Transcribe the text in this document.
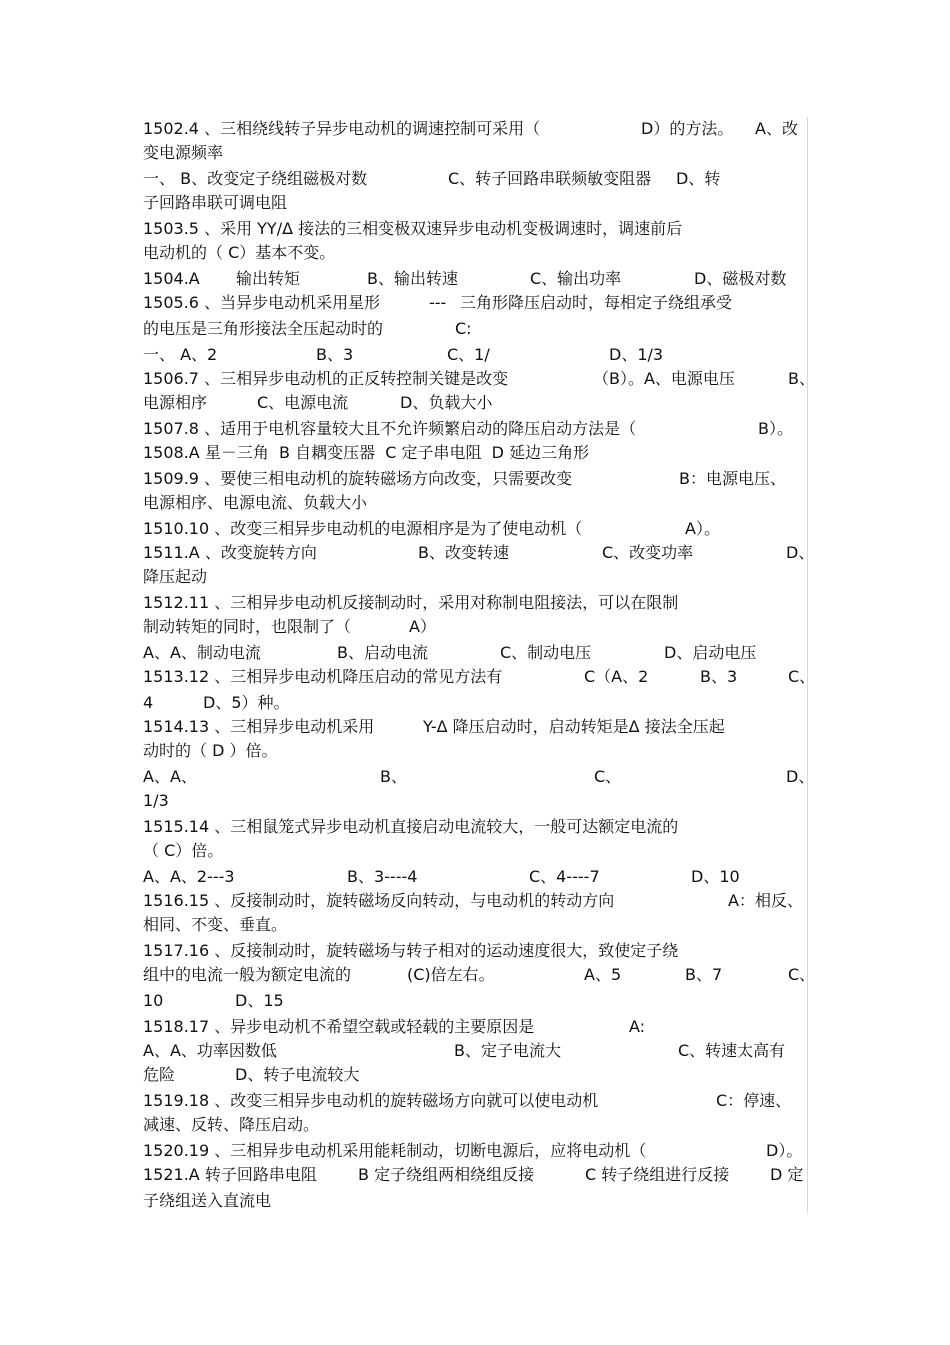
1502.4 、三相绕线转子异步电动机的调速控制可采用（	D）的方法。 A、改
变电源频率
一、 B、改变定子绕组磁极对数	C、转子回路串联频敏变阻器 D、转
子回路串联可调电阻
1503.5 、采用 YY/Δ 接法的三相变极双速异步电动机变极调速时，调速前后
电动机的（ C）基本不变。
1504.A 输出转矩	B、输出转速	C、输出功率	D、磁极对数
1505.6 、当异步电动机采用星形	--- 三角形降压启动时，每相定子绕组承受
的电压是三角形接法全压起动时的	C:
一、 A、2	B、3	C、1/	D、1/3
1506.7 、三相异步电动机的正反转控制关键是改变	（B）。A、电源电压	B、
电源相序	C、电源电流	D、负载大小
1507.8 、适用于电机容量较大且不允许频繁启动的降压启动方法是（	B）。
1508.A 星－三角  B 自耦变压器  C 定子串电阻  D 延边三角形
1509.9 、要使三相电动机的旋转磁场方向改变，只需要改变	B：电源电压、
电源相序、电源电流、负载大小
1510.10 、改变三相异步电动机的电源相序是为了使电动机（	A）。
1511.A 、改变旋转方向	B、改变转速	C、改变功率	D、
降压起动
1512.11 、三相异步电动机反接制动时，采用对称制电阻接法，可以在限制
制动转矩的同时，也限制了（	A）
A、A、制动电流	B、启动电流	C、制动电压	D、启动电压
1513.12 、三相异步电动机降压启动的常见方法有	C（A、2	B、3	C、
4	D、5）种。
1514.13 、三相异步电动机采用	Y-Δ 降压启动时，启动转矩是Δ 接法全压起
动时的（ D ）倍。
A、A、	B、	C、	D、
1/3
1515.14 、三相鼠笼式异步电动机直接启动电流较大，一般可达额定电流的
（ C）倍。
A、A、2---3	B、3----4	C、4----7	D、10
1516.15 、反接制动时，旋转磁场反向转动，与电动机的转动方向	A：相反、
相同、不变、垂直。
1517.16 、反接制动时，旋转磁场与转子相对的运动速度很大，致使定子绕
组中的电流一般为额定电流的	(C)倍左右。	A、5	B、7	C、
10	D、15
1518.17 、异步电动机不希望空载或轻载的主要原因是	A:
A、A、功率因数低	B、定子电流大	C、转速太高有
危险	D、转子电流较大
1519.18 、改变三相异步电动机的旋转磁场方向就可以使电动机	C：停速、
减速、反转、降压启动。
1520.19 、三相异步电动机采用能耗制动，切断电源后，应将电动机（	D）。
1521.A 转子回路串电阻	B 定子绕组两相绕组反接	C 转子绕组进行反接	D 定
子绕组送入直流电
